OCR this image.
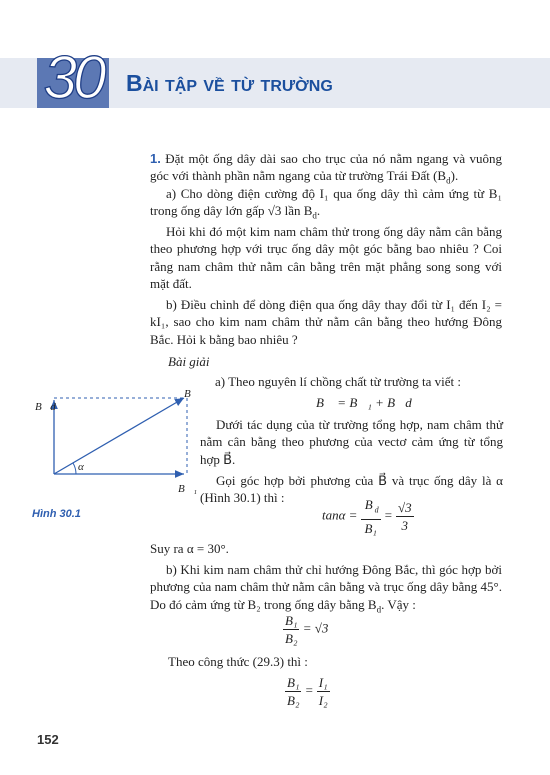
30 Bài tập về từ trường
1. Đặt một ống dây dài sao cho trục của nó nằm ngang và vuông góc với thành phần nằm ngang của từ trường Trái Đất $(B_d)$.
a) Cho dòng điện cường độ I₁ qua ống dây thì cảm ứng từ B₁ trong ống dây lớn gấp √3 lần $B_d$.
Hỏi khi đó một kim nam châm thử trong ống dây nằm cân bằng theo phương hợp với trục ống dây một góc bằng bao nhiêu ? Coi rằng nam châm thử nằm cân bằng trên mặt phẳng song song với mặt đất.
b) Điều chỉnh để dòng điện qua ống dây thay đổi từ I₁ đến I₂ = kI₁, sao cho kim nam châm thử nằm cân bằng theo hướng Đông Bắc. Hỏi k bằng bao nhiêu ?
Bài giải
B⃗d
B⃗
B⃗₁
α
Hình 30.1
a) Theo nguyên lí chồng chất từ trường ta viết :
B⃗ = B⃗₁ + B⃗d
Dưới tác dụng của từ trường tổng hợp, nam châm thử nằm cân bằng theo phương của vectơ cảm ứng từ tổng hợp B⃗.
Gọi góc hợp bởi phương của B⃗ và trục ống dây là α (Hình 30.1) thì :
$\tan\alpha = \frac{B _d}{\text{B₁}} = \frac{√3}{3}$
Suy ra α = 30°.
b) Khi kim nam châm thử chỉ hướng Đông Bắc, thì góc hợp bởi phương của nam châm thử nằm cân bằng và trục ống dây bằng 45°. Do đó cảm ứng từ B₂ trong ống dây bằng $B_d$. Vậy :
$\frac{\text{B₁}}{\text{B₂}} = √3$
Theo công thức (29.3) thì :
$\frac{\text{B₁}}{\text{B₂}} = \frac{\text{I₁}}{\text{I₂}}$
152
